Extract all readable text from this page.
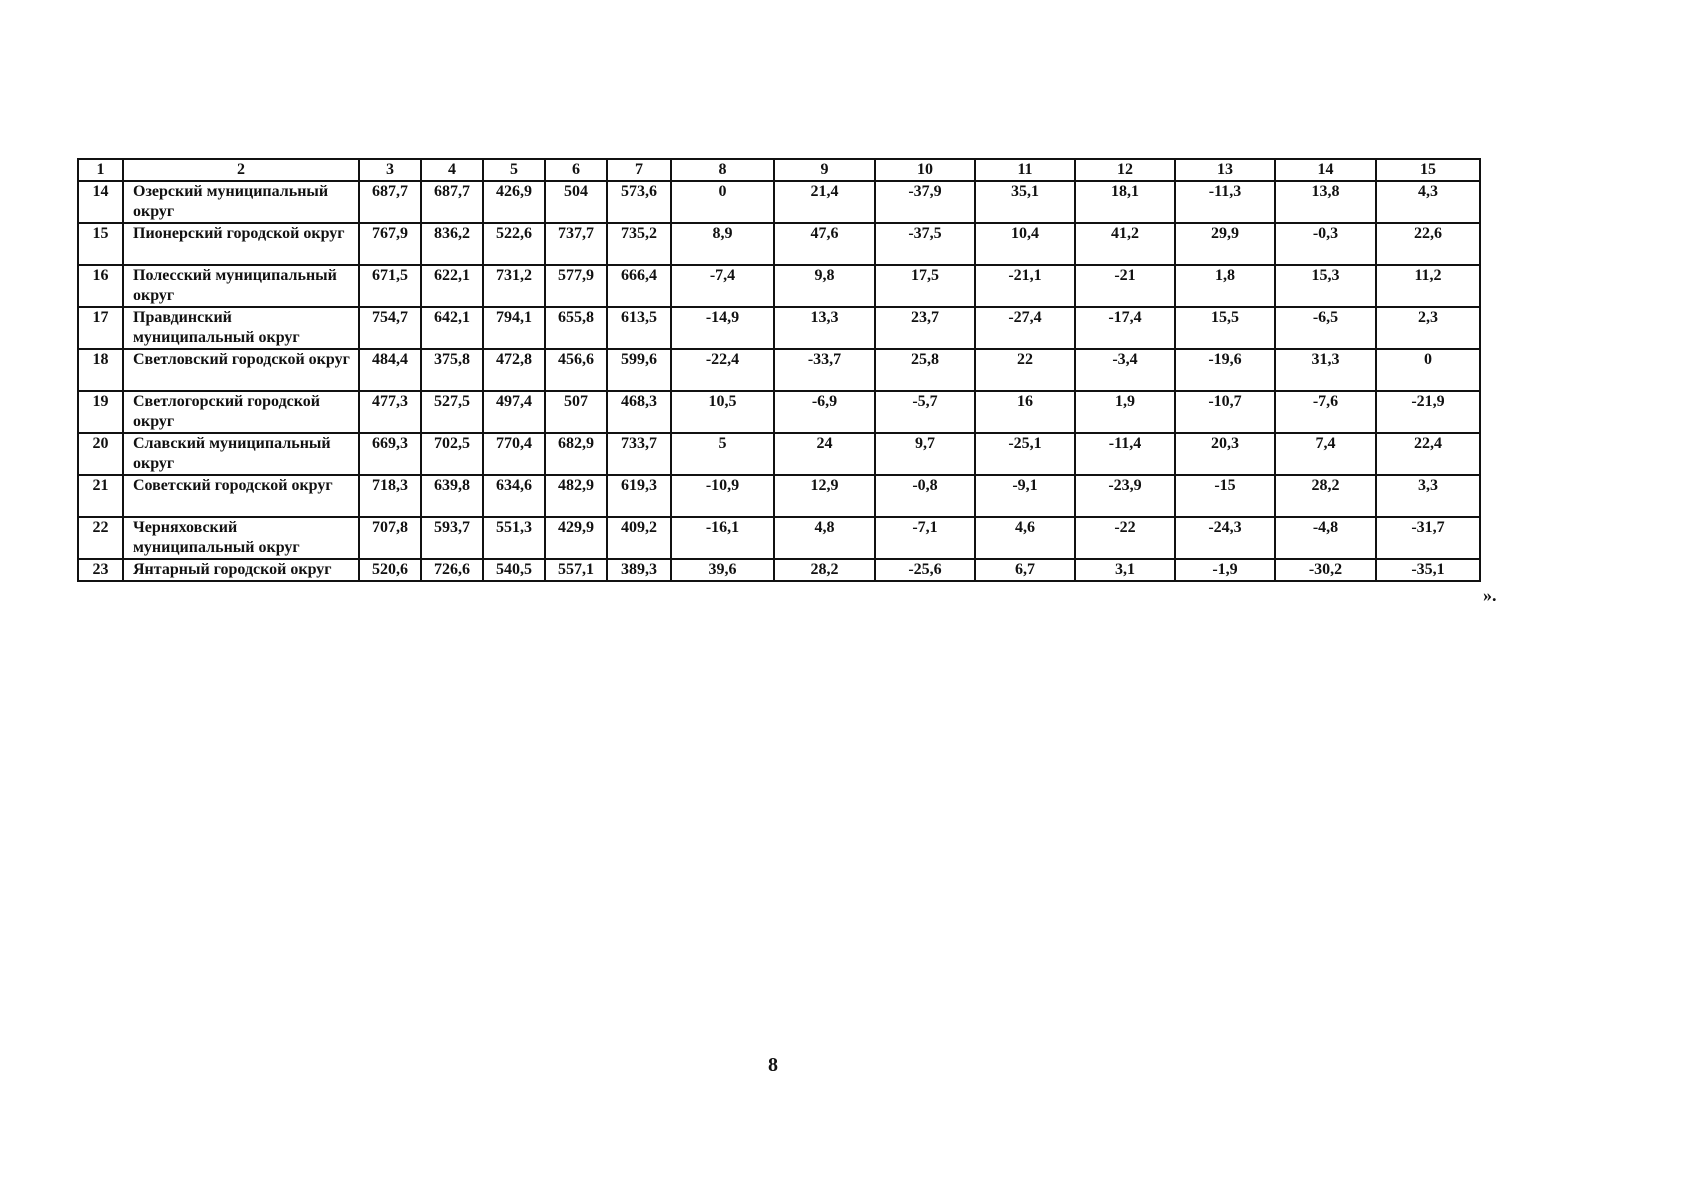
1	2	3	4	5	6	7	8	9	10	11	12	13	14	15
14	Озерский муниципальный округ	687,7	687,7	426,9	504	573,6	0	21,4	-37,9	35,1	18,1	-11,3	13,8	4,3
15	Пионерский городской округ	767,9	836,2	522,6	737,7	735,2	8,9	47,6	-37,5	10,4	41,2	29,9	-0,3	22,6
16	Полесский муниципальный округ	671,5	622,1	731,2	577,9	666,4	-7,4	9,8	17,5	-21,1	-21	1,8	15,3	11,2
17	Правдинский муниципальный округ	754,7	642,1	794,1	655,8	613,5	-14,9	13,3	23,7	-27,4	-17,4	15,5	-6,5	2,3
18	Светловский городской округ	484,4	375,8	472,8	456,6	599,6	-22,4	-33,7	25,8	22	-3,4	-19,6	31,3	0
19	Светлогорский городской округ	477,3	527,5	497,4	507	468,3	10,5	-6,9	-5,7	16	1,9	-10,7	-7,6	-21,9
20	Славский муниципальный округ	669,3	702,5	770,4	682,9	733,7	5	24	9,7	-25,1	-11,4	20,3	7,4	22,4
21	Советский городской округ	718,3	639,8	634,6	482,9	619,3	-10,9	12,9	-0,8	-9,1	-23,9	-15	28,2	3,3
22	Черняховский муниципальный округ	707,8	593,7	551,3	429,9	409,2	-16,1	4,8	-7,1	4,6	-22	-24,3	-4,8	-31,7
23	Янтарный городской округ	520,6	726,6	540,5	557,1	389,3	39,6	28,2	-25,6	6,7	3,1	-1,9	-30,2	-35,1
».
8
